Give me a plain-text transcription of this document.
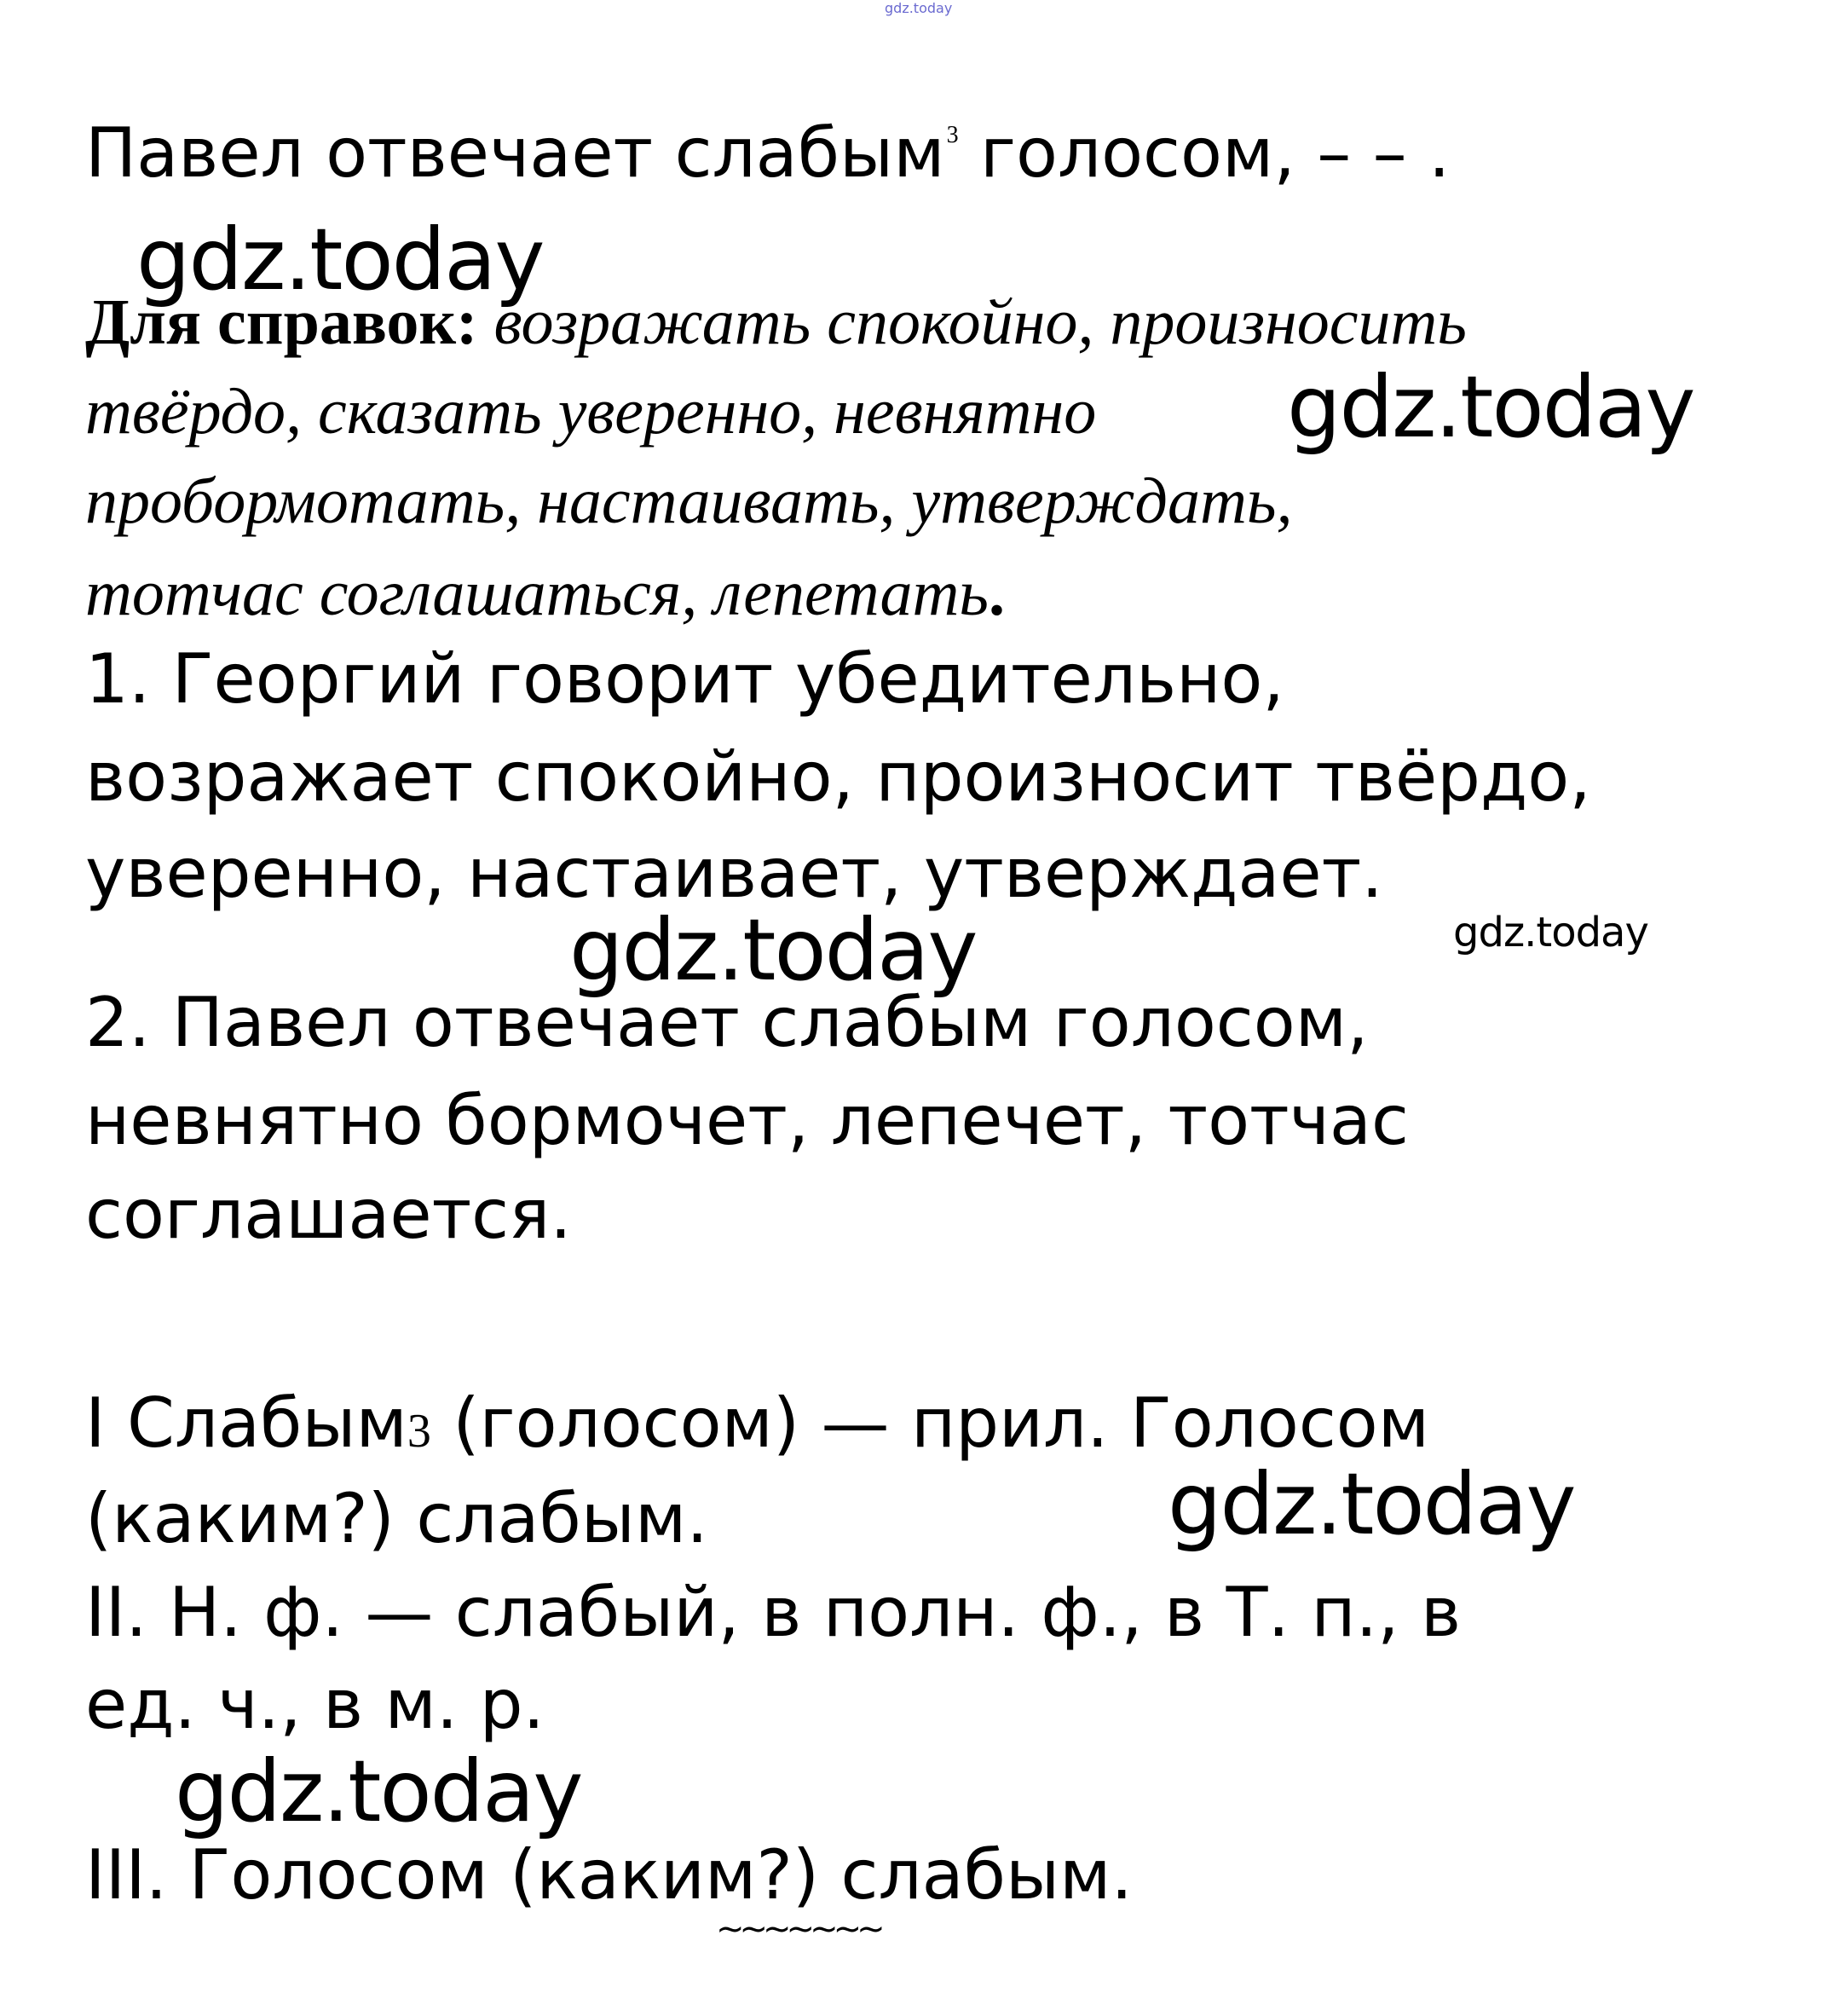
gdz.today
Павел отвечает слабым$^3$ голосом, – – .
gdz.today
Для справок: возражать спокойно, произносить
твёрдо, сказать уверенно, невнятно gdz.today
пробормотать, настаивать, утверждать,
тотчас соглашаться, лепетать.
1. Георгий говорит убедительно,
возражает спокойно, произносит твёрдо,
уверенно, настаивает, утверждает.
gdz.today	gdz.today
2. Павел отвечает слабым голосом,
невнятно бормочет, лепечет, тотчас
соглашается.
I Слабым3 (голосом) — прил. Голосом
(каким?) слабым.	gdz.today
II. Н. ф. — слабый, в полн. ф., в Т. п., в
ед. ч., в м. р.
gdz.today
III. Голосом (каким?) слабым.
~~~~~~~
